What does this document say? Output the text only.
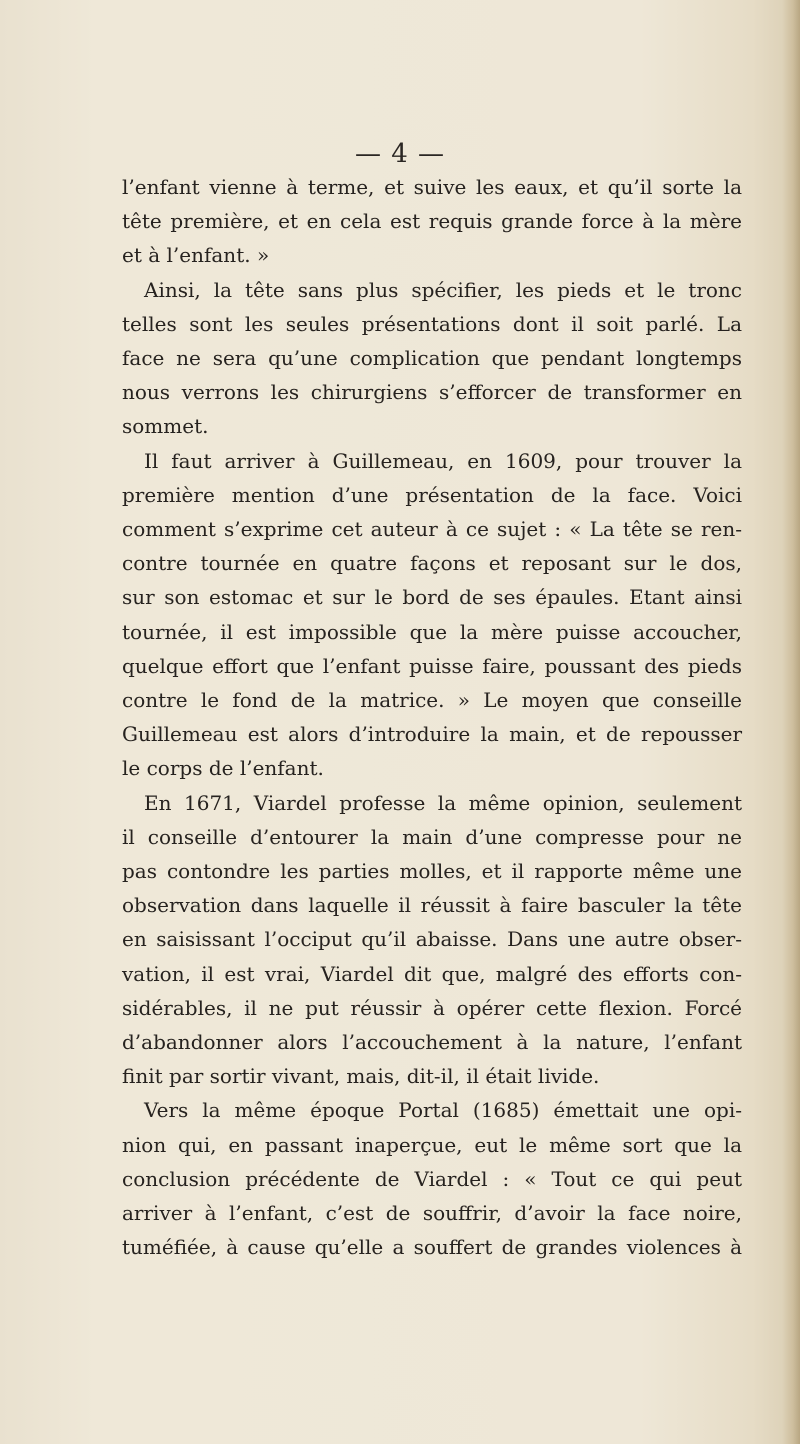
— 4 —
l’enfant vienne à terme, et suive les eaux, et qu’il sorte la
tête première, et en cela est requis grande force à la mère
et à l’enfant. »
Ainsi, la tête sans plus spécifier, les pieds et le tronc
telles sont les seules présentations dont il soit parlé. La
face ne sera qu’une complication que pendant longtemps
nous verrons les chirurgiens s’efforcer de transformer en
sommet.
Il faut arriver à Guillemeau, en 1609, pour trouver la
première mention d’une présentation de la face. Voici
comment s’exprime cet auteur à ce sujet : « La tête se ren-
contre tournée en quatre façons et reposant sur le dos,
sur son estomac et sur le bord de ses épaules. Etant ainsi
tournée, il est impossible que la mère puisse accoucher,
quelque effort que l’enfant puisse faire, poussant des pieds
contre le fond de la matrice. » Le moyen que conseille
Guillemeau est alors d’introduire la main, et de repousser
le corps de l’enfant.
En 1671, Viardel professe la même opinion, seulement
il conseille d’entourer la main d’une compresse pour ne
pas contondre les parties molles, et il rapporte même une
observation dans laquelle il réussit à faire basculer la tête
en saisissant l’occiput qu’il abaisse. Dans une autre obser-
vation, il est vrai, Viardel dit que, malgré des efforts con-
sidérables, il ne put réussir à opérer cette flexion. Forcé
d’abandonner alors l’accouchement à la nature, l’enfant
finit par sortir vivant, mais, dit-il, il était livide.
Vers la même époque Portal (1685) émettait une opi-
nion qui, en passant inaperçue, eut le même sort que la
conclusion précédente de Viardel : « Tout ce qui peut
arriver à l’enfant, c’est de souffrir, d’avoir la face noire,
tuméfiée, à cause qu’elle a souffert de grandes violences à
